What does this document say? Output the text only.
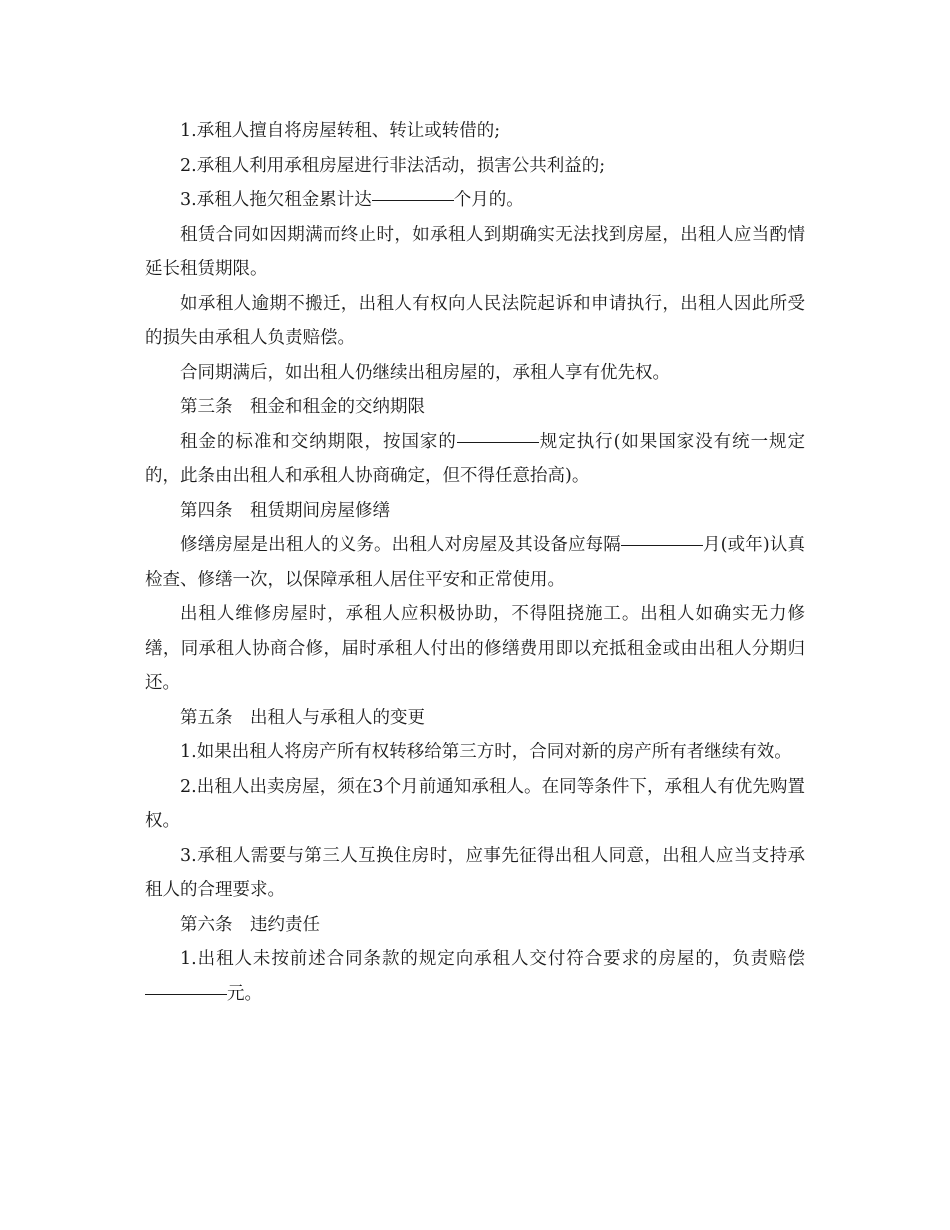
1.承租人擅自将房屋转租、转让或转借的;

2.承租人利用承租房屋进行非法活动，损害公共利益的;

3.承租人拖欠租金累计达	个月的。

租赁合同如因期满而终止时，如承租人到期确实无法找到房屋，出租人应当酌情延长租赁期限。

如承租人逾期不搬迁，出租人有权向人民法院起诉和申请执行，出租人因此所受的损失由承租人负责赔偿。

合同期满后，如出租人仍继续出租房屋的，承租人享有优先权。

第三条　租金和租金的交纳期限

租金的标准和交纳期限，按国家的	规定执行(如果国家没有统一规定的，此条由出租人和承租人协商确定，但不得任意抬高)。

第四条　租赁期间房屋修缮

修缮房屋是出租人的义务。出租人对房屋及其设备应每隔	月(或年)认真检查、修缮一次，以保障承租人居住平安和正常使用。

出租人维修房屋时，承租人应积极协助，不得阻挠施工。出租人如确实无力修缮，同承租人协商合修，届时承租人付出的修缮费用即以充抵租金或由出租人分期归还。

第五条　出租人与承租人的变更

1.如果出租人将房产所有权转移给第三方时，合同对新的房产所有者继续有效。

2.出租人出卖房屋，须在3个月前通知承租人。在同等条件下，承租人有优先购置权。

3.承租人需要与第三人互换住房时，应事先征得出租人同意，出租人应当支持承租人的合理要求。

第六条　违约责任

1.出租人未按前述合同条款的规定向承租人交付符合要求的房屋的，负责赔偿元。
